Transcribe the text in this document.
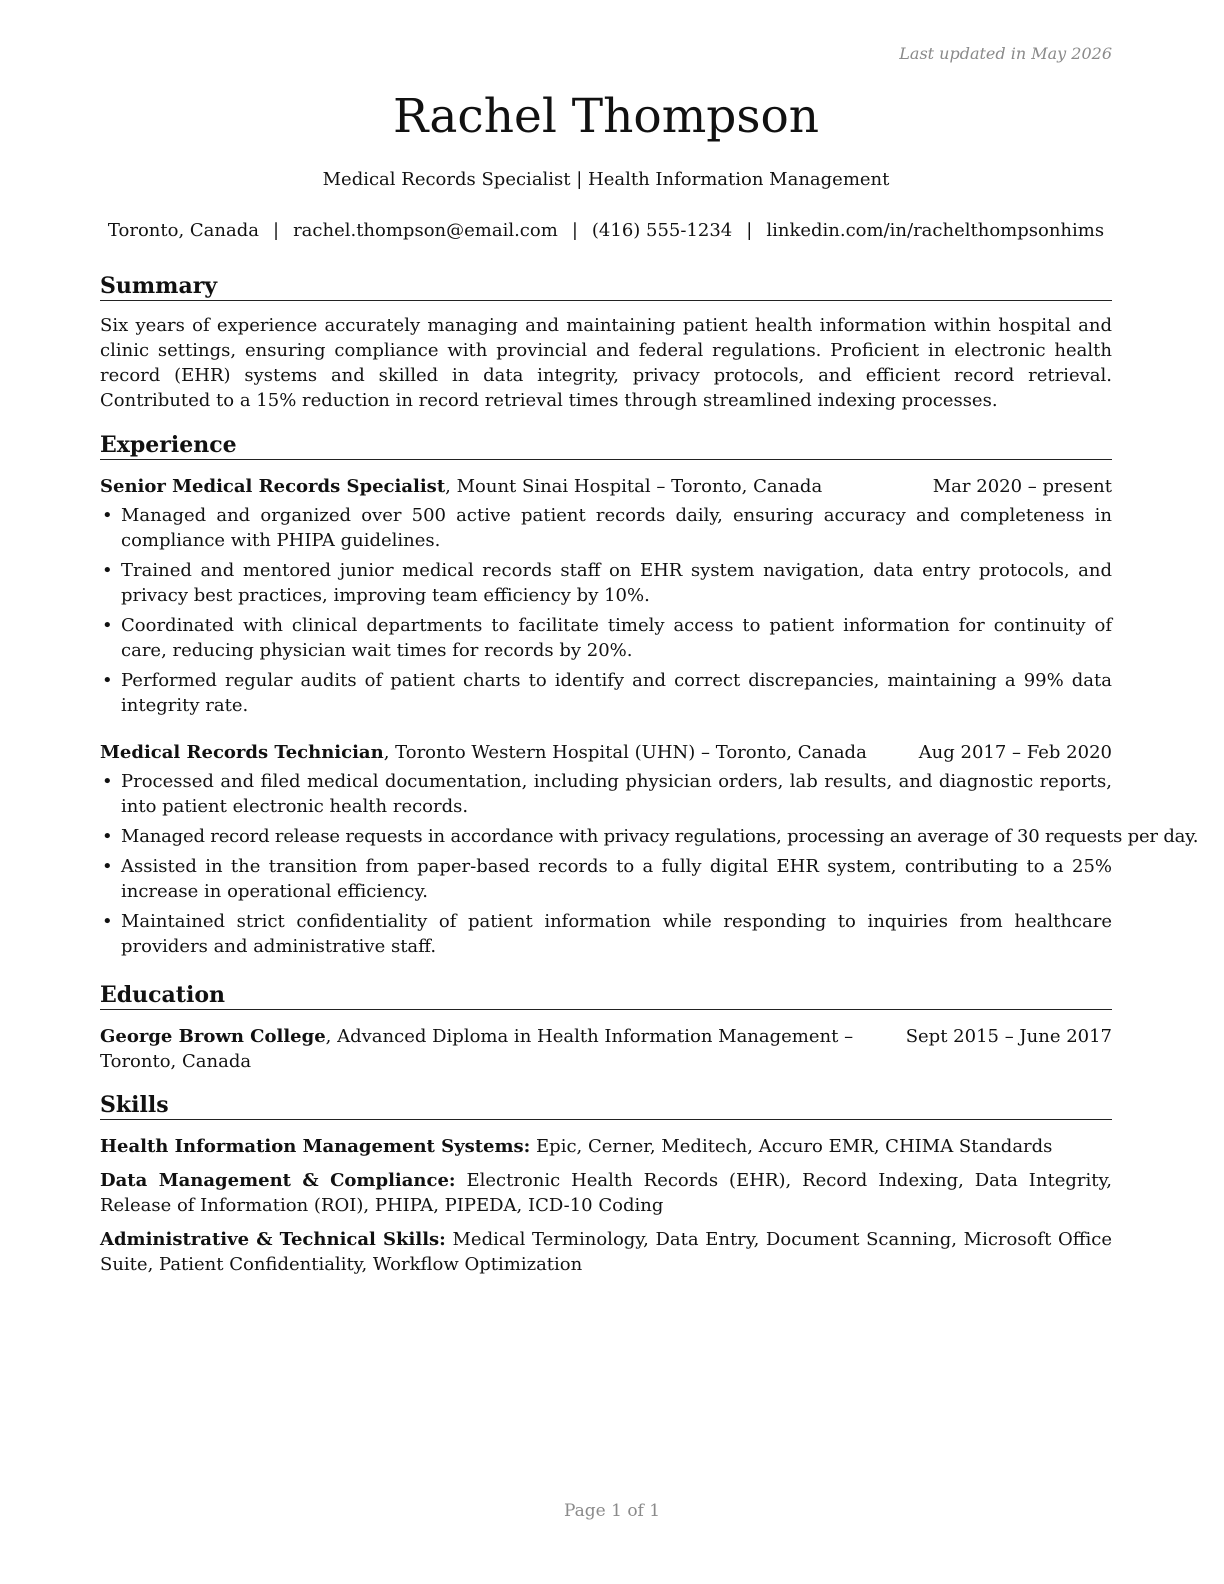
Last updated in May 2026
Rachel Thompson
Medical Records Specialist | Health Information Management
Toronto, Canada | rachel.thompson@email.com | (416) 555-1234 | linkedin.com/in/rachelthompsonhims
Summary

Six years of experience accurately managing and maintaining patient health information within hospital and clinic settings, ensuring compliance with provincial and federal regulations. Proficient in electronic health record (EHR) systems and skilled in data integrity, privacy protocols, and efficient record retrieval. Contributed to a 15% reduction in record retrieval times through streamlined indexing processes.

Experience
Senior Medical Records Specialist, Mount Sinai Hospital – Toronto, Canada	Mar 2020 – present
• Managed and organized over 500 active patient records daily, ensuring accuracy and completeness in compliance with PHIPA guidelines.
• Trained and mentored junior medical records staff on EHR system navigation, data entry protocols, and privacy best practices, improving team efficiency by 10%.
• Coordinated with clinical departments to facilitate timely access to patient information for continuity of care, reducing physician wait times for records by 20%.
• Performed regular audits of patient charts to identify and correct discrepancies, maintaining a 99% data integrity rate.
Medical Records Technician, Toronto Western Hospital (UHN) – Toronto, Canada	Aug 2017 – Feb 2020
• Processed and filed medical documentation, including physician orders, lab results, and diagnostic reports, into patient electronic health records.
• Managed record release requests in accordance with privacy regulations, processing an average of 30 requests per day.
• Assisted in the transition from paper-based records to a fully digital EHR system, contributing to a 25% increase in operational efficiency.
• Maintained strict confidentiality of patient information while responding to inquiries from healthcare providers and administrative staff.
Education
George Brown College, Advanced Diploma in Health Information Management – Toronto, Canada
Sept 2015 – June 2017
Skills
Health Information Management Systems: Epic, Cerner, Meditech, Accuro EMR, CHIMA Standards
Data Management & Compliance: Electronic Health Records (EHR), Record Indexing, Data Integrity, Release of Information (ROI), PHIPA, PIPEDA, ICD-10 Coding
Administrative & Technical Skills: Medical Terminology, Data Entry, Document Scanning, Microsoft Office Suite, Patient Confidentiality, Workflow Optimization
Page 1 of 1
